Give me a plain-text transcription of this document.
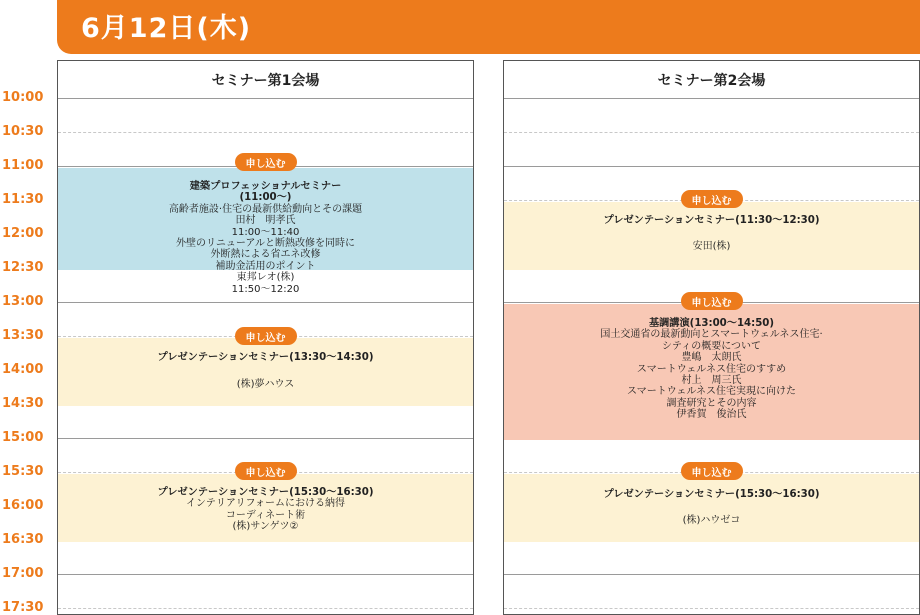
6月12日(木)
10:00
10:30
11:00
11:30
12:00
12:30
13:00
13:30
14:00
14:30
15:00
15:30
16:00
16:30
17:00
17:30
セミナー第1会場
建築プロフェッショナルセミナー
(11:00〜)
高齢者施設·住宅の最新供給動向とその課題
田村　明孝氏
11:00〜11:40
外壁のリニューアルと断熱改修を同時に
外断熱による省エネ改修
補助金活用のポイント
東邦レオ(株)
11:50〜12:20
申し込む
プレゼンテーションセミナー(13:30〜14:30)
(株)夢ハウス
申し込む
プレゼンテーションセミナー(15:30〜16:30)
インテリアリフォームにおける納得
コーディネート術
(株)サンゲツ②
申し込む
セミナー第2会場
プレゼンテーションセミナー(11:30〜12:30)
安田(株)
申し込む
基調講演(13:00〜14:50)
国土交通省の最新動向とスマートウェルネス住宅·
シティの概要について
豊嶋　太朗氏
スマートウェルネス住宅のすすめ
村上　周三氏
スマートウェルネス住宅実現に向けた
調査研究とその内容
伊香賀　俊治氏
申し込む
プレゼンテーションセミナー(15:30〜16:30)
(株)ハウゼコ
申し込む
